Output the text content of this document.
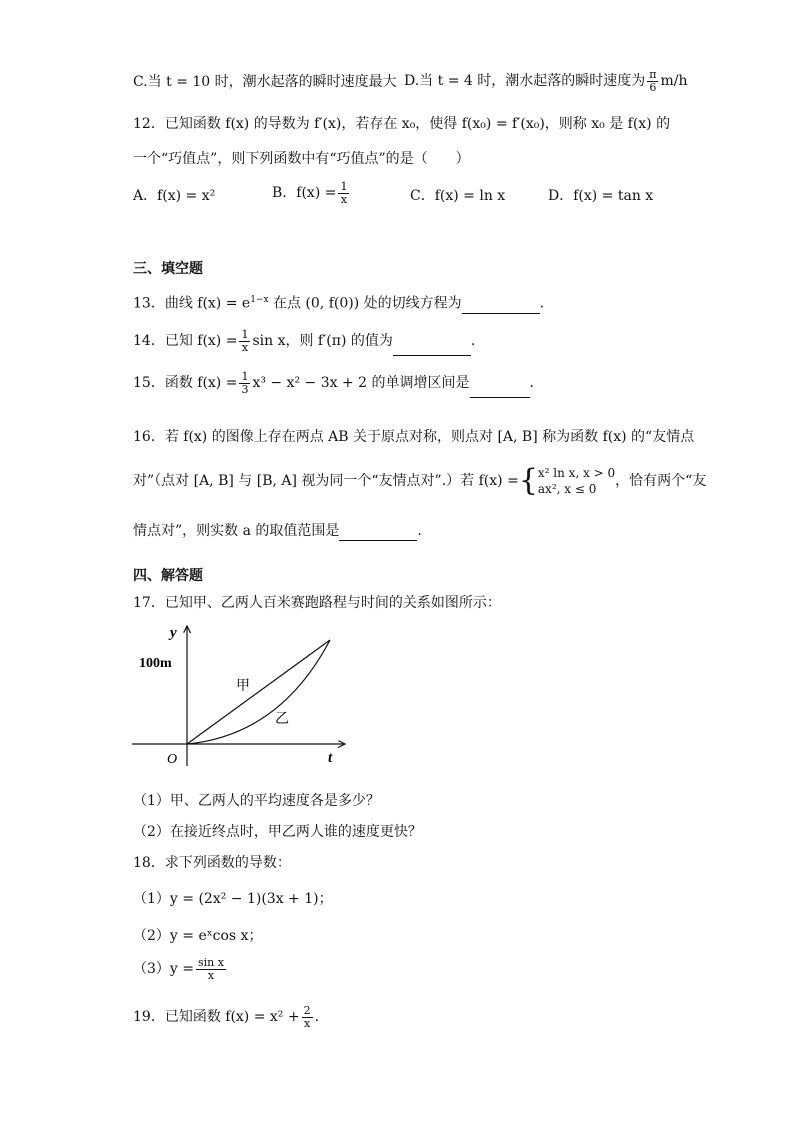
C.当 t = 10 时，潮水起落的瞬时速度最大 D.当 t = 4 时，潮水起落的瞬时速度为 $\frac{\pi}{6} m/h$
12．已知函数 f(x) 的导数为 f′(x)，若存在 x₀，使得 f(x₀) = f′(x₀)，则称 x₀ 是 f(x) 的
一个“巧值点”，则下列函数中有“巧值点”的是（　　）
A．f(x) = x²	B．$f(x) = \frac{1}{x}$	C．f(x) = ln x	D．f(x) = tan x
三、填空题
13．曲线 $f(x) = e^{1-x}$ 在点 (0, f(0)) 处的切线方程为	.
14．已知 $f(x) = \frac{1}{x}$ sin x，则 f′(π) 的值为	.
15．函数 $f(x) = \frac{1}{3} x^3 - x^2 - 3x + 2$ 的单调增区间是	．
16．若 f(x) 的图像上存在两点 AB 关于原点对称，则点对 [A, B] 称为函数 f(x) 的“友情点
对”（点对 [A, B] 与 [B, A] 视为同一个“友情点对”.）若 f(x) ={ x² ln x, x > 0
ax², x ≤ 0	，恰有两个“友
情点对”，则实数 a 的取值范围是	.
四、解答题
17．已知甲、乙两人百米赛跑路程与时间的关系如图所示：
y
t
O
100m
甲
乙
（1）甲、乙两人的平均速度各是多少？
（2）在接近终点时，甲乙两人谁的速度更快？
18．求下列函数的导数：
（1）y = (2x² − 1)(3x + 1)；
（2）y = eˣcos x；
$(3)y = \frac{\text{sin x}}{x}$
19．已知函数 $f(x) = x^2 + \frac{2}{x}$ .
